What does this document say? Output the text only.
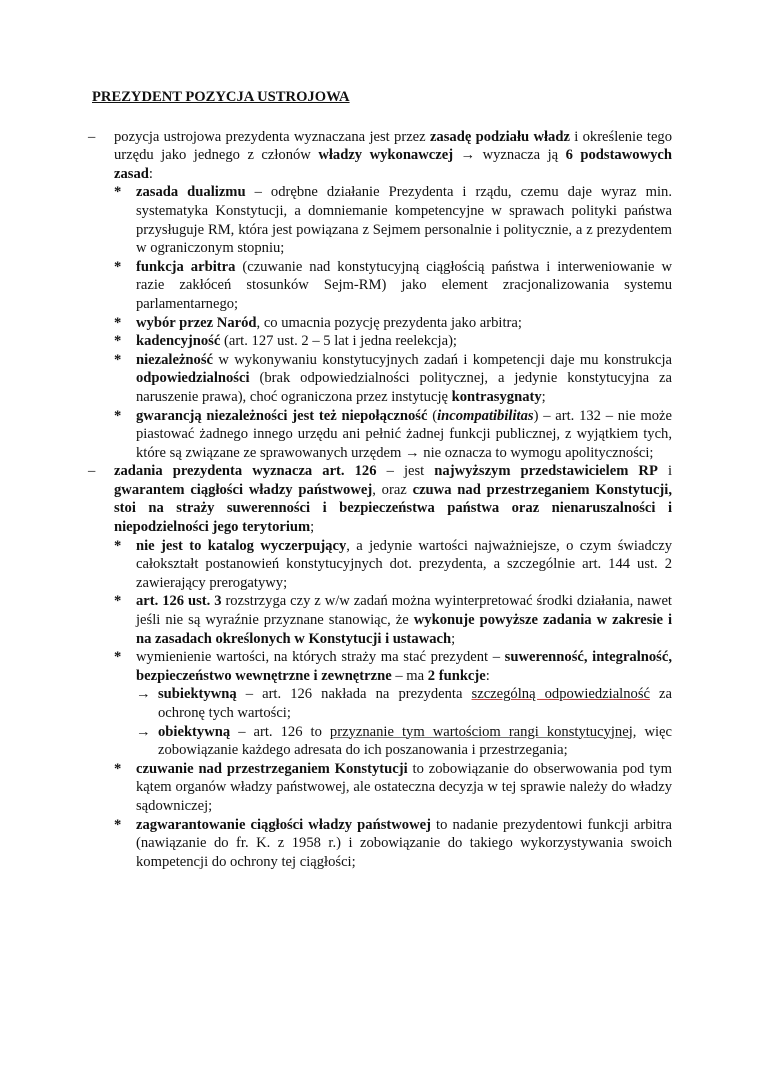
PREZYDENT POZYCJA USTROJOWA
– pozycja ustrojowa prezydenta wyznaczana jest przez zasadę podziału władz i określenie tego urzędu jako jednego z członów władzy wykonawczej → wyznacza ją 6 podstawowych zasad:
* zasada dualizmu – odrębne działanie Prezydenta i rządu, czemu daje wyraz min. systematyka Konstytucji, a domniemanie kompetencyjne w sprawach polityki państwa przysługuje RM, która jest powiązana z Sejmem personalnie i politycznie, a z prezydentem w ograniczonym stopniu;
* funkcja arbitra (czuwanie nad konstytucyjną ciągłością państwa i interweniowanie w razie zakłóceń stosunków Sejm-RM) jako element zracjonalizowania systemu parlamentarnego;
* wybór przez Naród, co umacnia pozycję prezydenta jako arbitra;
* kadencyjność (art. 127 ust. 2 – 5 lat i jedna reelekcja);
* niezależność w wykonywaniu konstytucyjnych zadań i kompetencji daje mu konstrukcja odpowiedzialności (brak odpowiedzialności politycznej, a jedynie konstytucyjna za naruszenie prawa), choć ograniczona przez instytucję kontrasygnaty;
* gwarancją niezależności jest też niepołączność (incompatibilitas) – art. 132 – nie może piastować żadnego innego urzędu ani pełnić żadnej funkcji publicznej, z wyjątkiem tych, które są związane ze sprawowanych urzędem → nie oznacza to wymogu apolityczności;
– zadania prezydenta wyznacza art. 126 – jest najwyższym przedstawicielem RP i gwarantem ciągłości władzy państwowej, oraz czuwa nad przestrzeganiem Konstytucji, stoi na straży suwerenności i bezpieczeństwa państwa oraz nienaruszalności i niepodzielności jego terytorium;
* nie jest to katalog wyczerpujący, a jedynie wartości najważniejsze, o czym świadczy całokształt postanowień konstytucyjnych dot. prezydenta, a szczególnie art. 144 ust. 2 zawierający prerogatywy;
* art. 126 ust. 3 rozstrzyga czy z w/w zadań można wyinterpretować środki działania, nawet jeśli nie są wyraźnie przyznane stanowiąc, że wykonuje powyższe zadania w zakresie i na zasadach określonych w Konstytucji i ustawach;
* wymienienie wartości, na których straży ma stać prezydent – suwerenność, integralność, bezpieczeństwo wewnętrzne i zewnętrzne – ma 2 funkcje:
→ subiektywną – art. 126 nakłada na prezydenta szczególną odpowiedzialność za ochronę tych wartości;
→ obiektywną – art. 126 to przyznanie tym wartościom rangi konstytucyjnej, więc zobowiązanie każdego adresata do ich poszanowania i przestrzegania;
* czuwanie nad przestrzeganiem Konstytucji to zobowiązanie do obserwowania pod tym kątem organów władzy państwowej, ale ostateczna decyzja w tej sprawie należy do władzy sądowniczej;
* zagwarantowanie ciągłości władzy państwowej to nadanie prezydentowi funkcji arbitra (nawiązanie do fr. K. z 1958 r.) i zobowiązanie do takiego wykorzystywania swoich kompetencji do ochrony tej ciągłości;
